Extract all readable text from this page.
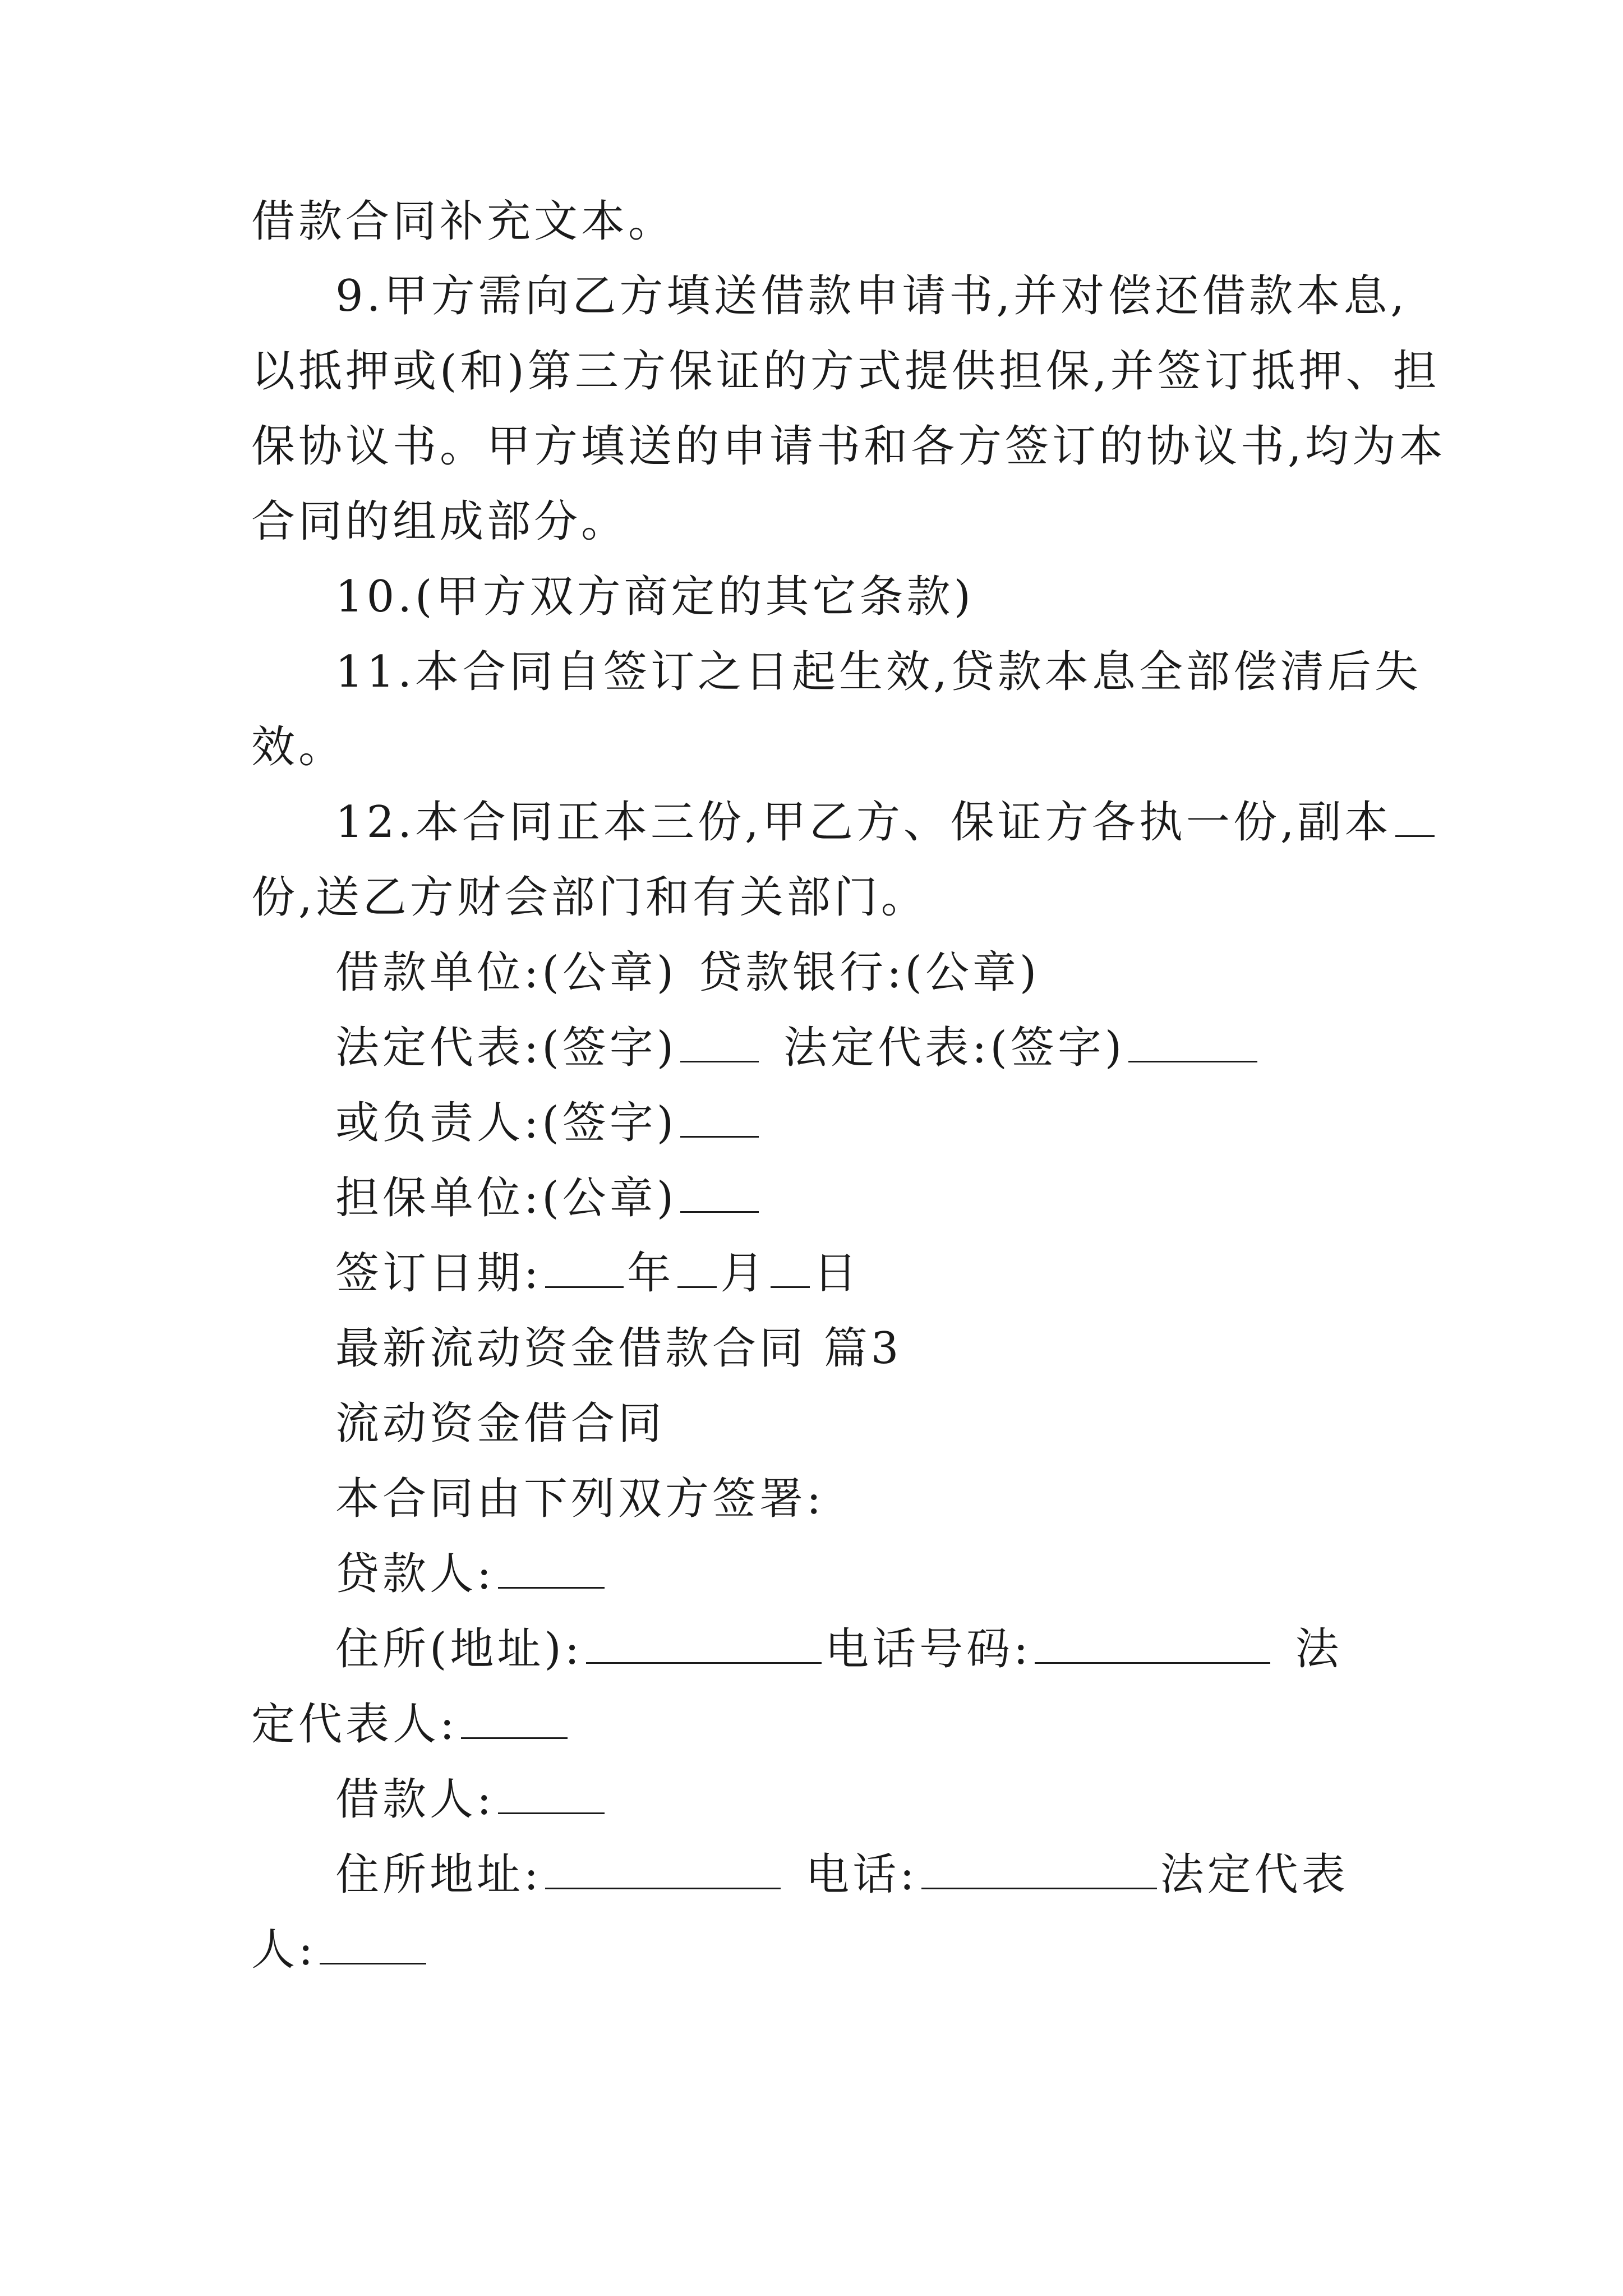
借款合同补充文本。
9.甲方需向乙方填送借款申请书,并对偿还借款本息,
以抵押或(和)第三方保证的方式提供担保,并签订抵押、担
保协议书。甲方填送的申请书和各方签订的协议书,均为本
合同的组成部分。
10.(甲方双方商定的其它条款)
11.本合同自签订之日起生效,贷款本息全部偿清后失
效。
12.本合同正本三份,甲乙方、保证方各执一份,副本
份,送乙方财会部门和有关部门。
借款单位:(公章) 贷款银行:(公章)
法定代表:(签字) 法定代表:(签字)
或负责人:(签字)
担保单位:(公章)
签订日期: 年 月 日
最新流动资金借款合同 篇3
流动资金借合同
本合同由下列双方签署:
贷款人:
住所(地址):	电话号码:	法
定代表人:
借款人:
住所地址:	电话:	法定代表
人:
